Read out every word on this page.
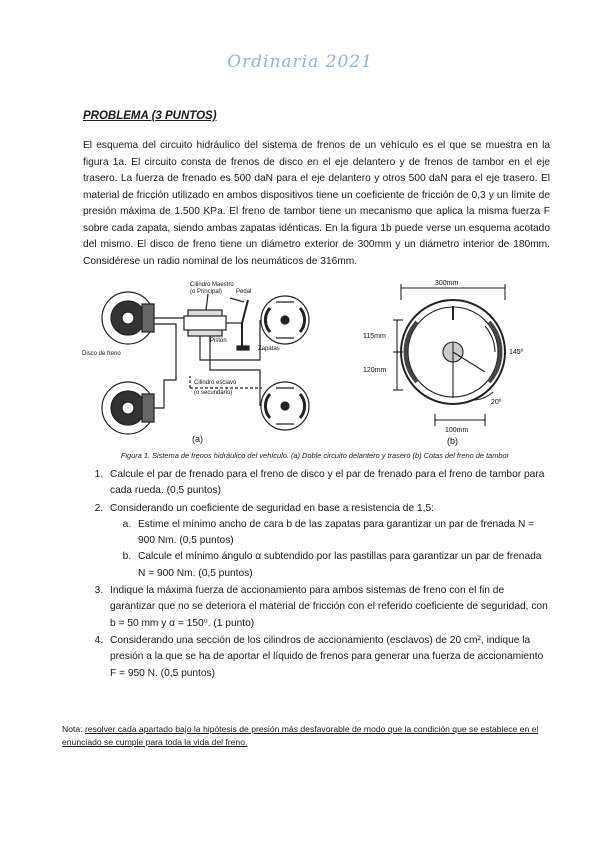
Ordinaria 2021
PROBLEMA (3 PUNTOS)

El esquema del circuito hidráulico del sistema de frenos de un vehículo es el que se muestra en la figura 1a. El circuito consta de frenos de disco en el eje delantero y de frenos de tambor en el eje trasero. La fuerza de frenado es 500 daN para el eje delantero y otros 500 daN para el eje trasero. El material de fricción utilizado en ambos dispositivos tiene un coeficiente de fricción de 0,3 y un límite de presión máxima de 1.500 KPa. El freno de tambor tiene un mecanismo que aplica la misma fuerza F sobre cada zapata, siendo ambas zapatas idénticas. En la figura 1b puede verse un esquema acotado del mismo. El disco de freno tiene un diámetro exterior de 300mm y un diámetro interior de 180mm. Considérese un radio nominal de los neumáticos de 316mm.

Cilindro Maestro
(o Principal) Pedal
Pistón
Disco de freno
Zapatas
Cilindro esclavo
(o secundario)
(a)
300mm
115mm
120mm
145º
20º
100mm
(b)
Figura 1. Sistema de frenos hidráulico del vehículo. (a) Doble circuito delantero y trasero (b) Cotas del freno de tambor
1. Calcule el par de frenado para el freno de disco y el par de frenado para el freno de tambor para cada rueda. (0,5 puntos)
2. Considerando un coeficiente de seguridad en base a resistencia de 1,5:
a. Estime el mínimo ancho de cara b de las zapatas para garantizar un par de frenada N = 900 Nm. (0,5 puntos)
b. Calcule el mínimo ángulo α subtendido por las pastillas para garantizar un par de frenada N = 900 Nm. (0,5 puntos)
3. Indique la máxima fuerza de accionamiento para ambos sistemas de freno con el fin de garantizar que no se deteriora el material de fricción con el referido coeficiente de seguridad, con b = 50 mm y α = 150⁰. (1 punto)
4. Considerando una sección de los cilindros de accionamiento (esclavos) de 20 cm², indique la presión a la que se ha de aportar el líquido de frenos para generar una fuerza de accionamiento F = 950 N. (0,5 puntos)
Nota: resolver cada apartado bajo la hipótesis de presión más desfavorable de modo que la condición que se establece en el enunciado se cumple para toda la vida del freno.
